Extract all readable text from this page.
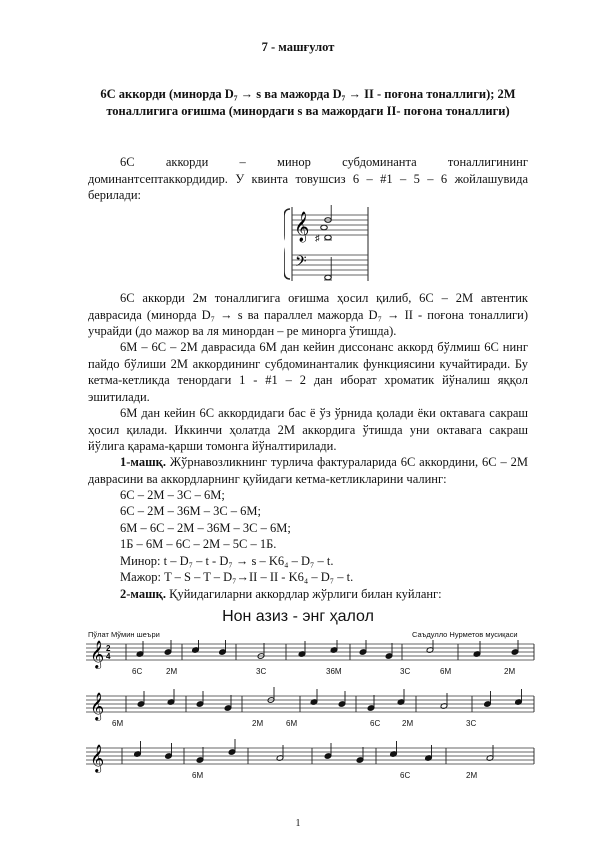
7 - машғулот
6С аккорди (минорда D₇ → s ва мажорда D₇ → II - поғона тоналлиги); 2М тоналлигига оғишма (минордаги s ва мажордаги II- поғона тоналлиги)
6С аккорди – минор субдоминанта тоналлигининг доминантсептаккордидир. У квинта товушсиз 6 – #1 – 5 – 6 жойлашувида берилади:
𝄞
𝄢
♯
6С аккорди 2м тоналлигига оғишма ҳосил қилиб, 6С – 2М автентик даврасида (минорда D₇ → s ва параллел мажорда D₇ → II - поғона тоналлиги) учрайди (до мажор ва ля минордан – ре минорга ўтишда).
6М – 6С – 2М даврасида 6М дан кейин диссонанс аккорд бўлмиш 6С нинг пайдо бўлиши 2М аккордининг субдоминанталик функциясини кучайтиради. Бу кетма-кетликда тенордаги 1 - #1 – 2 дан иборат хроматик йўналиш яққол эшитилади.
6М дан кейин 6С аккордидаги бас ё ўз ўрнида қолади ёки октавага сакраш ҳосил қилади. Иккинчи ҳолатда 2М аккордига ўтишда уни октавага сакраш йўлига қарама-қарши томонга йўналтирилади.
1-машқ. Жўрнавозликнинг турлича фактураларида 6С аккордини, 6С – 2М даврасини ва аккордларнинг қуйидаги кетма-кетликларини чалинг:
6С – 2М – 3С – 6М;
6С – 2М – 36М – 3С – 6М;
6М – 6С – 2М – 36М – 3С – 6М;
1Б – 6М – 6С – 2М – 5С – 1Б.
Минор: t – D₇ – t - D₇ → s – K6₄ – D₇ – t.
Мажор: T – S – T – D₇→II – II - K6₄ – D₇ – t.
2-машқ. Қуйидагиларни аккордлар жўрлиги билан куйланг:
Нон азиз - энг ҳалол
Пўлат Мўмин шеъри	Саъдулло Нурметов мусиқаси
6С	2М	3С	36М	3С	6М	2М
6М	2М	6М	6С	2М	3С
6М	6С	2М
𝄞
𝄞
𝄞
2
4
1
